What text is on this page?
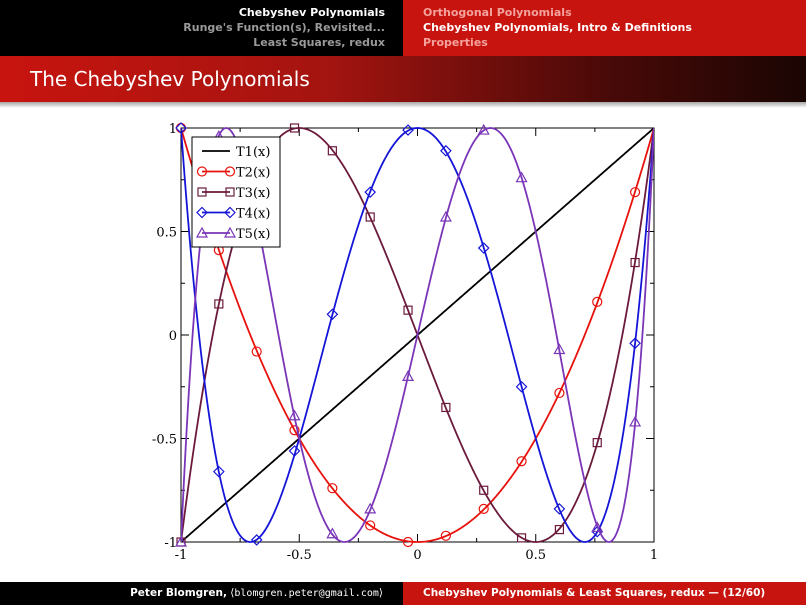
Chebyshev Polynomials
Runge's Function(s), Revisited...
Least Squares, redux
Orthogonal Polynomials
Chebyshev Polynomials, Intro & Definitions
Properties
The Chebyshev Polynomials
-1	-0.5	0	0.5	1
-1
-0.5
0
0.5
1
T1(x)
T2(x)
T3(x)
T4(x)
T5(x)
Peter Blomgren, ⟨blomgren.peter@gmail.com⟩	Chebyshev Polynomials & Least Squares, redux — (12/60)
